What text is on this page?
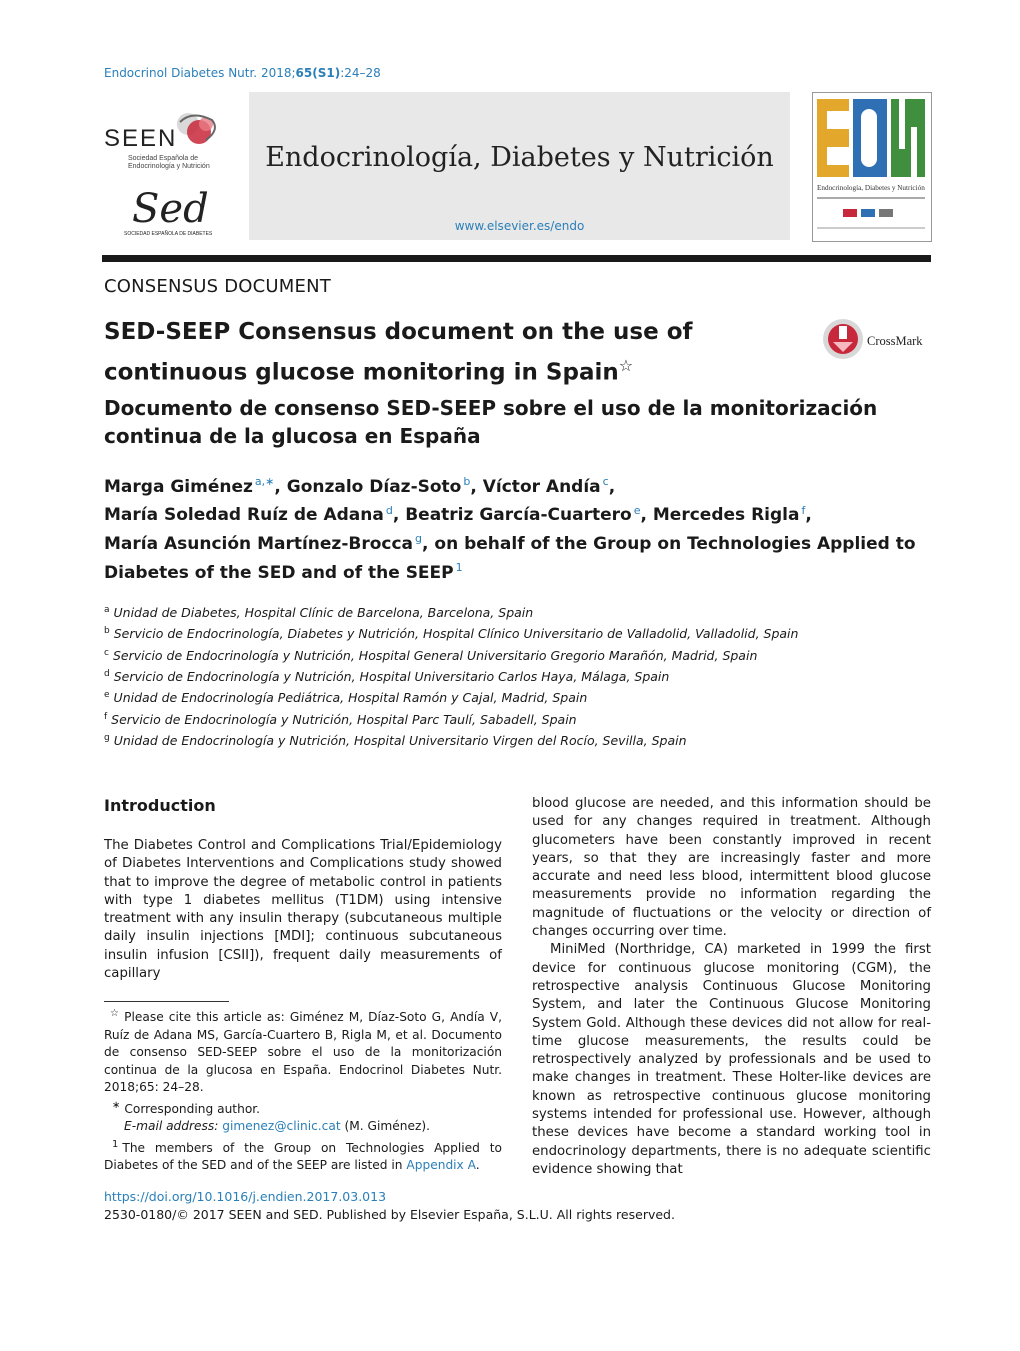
Endocrinol Diabetes Nutr. 2018;65(S1):24–28
SEEN
Sociedad Española de
Endocrinología y Nutrición
Sed
SOCIEDAD ESPAÑOLA DE DIABETES
Endocrinología, Diabetes y Nutrición
www.elsevier.es/endo
Endocrinología, Diabetes y Nutrición
CONSENSUS DOCUMENT
SED-SEEP Consensus document on the use of continuous glucose monitoring in Spain☆
CrossMark
Documento de consenso SED-SEEP sobre el uso de la monitorización continua de la glucosa en España
Marga Giménez $^{a,∗}$, Gonzalo Díaz-Soto $^b$, Víctor Andía $^c$,
María Soledad Ruíz de Adana $^d$, Beatriz García-Cuartero $^e$, Mercedes Rigla $^f$,
María Asunción Martínez-Brocca $^g$, on behalf of the Group on Technologies Applied to Diabetes of the SED and of the SEEP $^1$
$^a$ Unidad de Diabetes, Hospital Clínic de Barcelona, Barcelona, Spain
$^b$ Servicio de Endocrinología, Diabetes y Nutrición, Hospital Clínico Universitario de Valladolid, Valladolid, Spain
$^c$ Servicio de Endocrinología y Nutrición, Hospital General Universitario Gregorio Marañón, Madrid, Spain
$^d$ Servicio de Endocrinología y Nutrición, Hospital Universitario Carlos Haya, Málaga, Spain
$^e$ Unidad de Endocrinología Pediátrica, Hospital Ramón y Cajal, Madrid, Spain
$^f$ Servicio de Endocrinología y Nutrición, Hospital Parc Taulí, Sabadell, Spain
$^g$ Unidad de Endocrinología y Nutrición, Hospital Universitario Virgen del Rocío, Sevilla, Spain
Introduction

The Diabetes Control and Complications Trial/Epidemiology of Diabetes Interventions and Complications study showed that to improve the degree of metabolic control in patients with type 1 diabetes mellitus (T1DM) using intensive treatment with any insulin therapy (subcutaneous multiple daily insulin injections [MDI]; continuous subcutaneous insulin infusion [CSII]), frequent daily measurements of capillary

blood glucose are needed, and this information should be used for any changes required in treatment. Although glucometers have been constantly improved in recent years, so that they are increasingly faster and more accurate and need less blood, intermittent blood glucose measurements provide no information regarding the magnitude of fluctuations or the velocity or direction of changes occurring over time.

MiniMed (Northridge, CA) marketed in 1999 the first device for continuous glucose monitoring (CGM), the retrospective analysis Continuous Glucose Monitoring System, and later the Continuous Glucose Monitoring System Gold. Although these devices did not allow for real-time glucose measurements, the results could be retrospectively analyzed by professionals and be used to make changes in treatment. These Holter-like devices are known as retrospective continuous glucose monitoring systems intended for professional use. However, although these devices have become a standard working tool in endocrinology departments, there is no adequate scientific evidence showing that

☆ Please cite this article as: Giménez M, Díaz-Soto G, Andía V, Ruíz de Adana MS, García-Cuartero B, Rigla M, et al. Documento de consenso SED-SEEP sobre el uso de la monitorización continua de la glucosa en España. Endocrinol Diabetes Nutr. 2018;65: 24–28.

∗ Corresponding author.

E-mail address: gimenez@clinic.cat (M. Giménez).

$^1$ The members of the Group on Technologies Applied to Diabetes of the SED and of the SEEP are listed in Appendix A.

https://doi.org/10.1016/j.endien.2017.03.013
2530-0180/© 2017 SEEN and SED. Published by Elsevier España, S.L.U. All rights reserved.
